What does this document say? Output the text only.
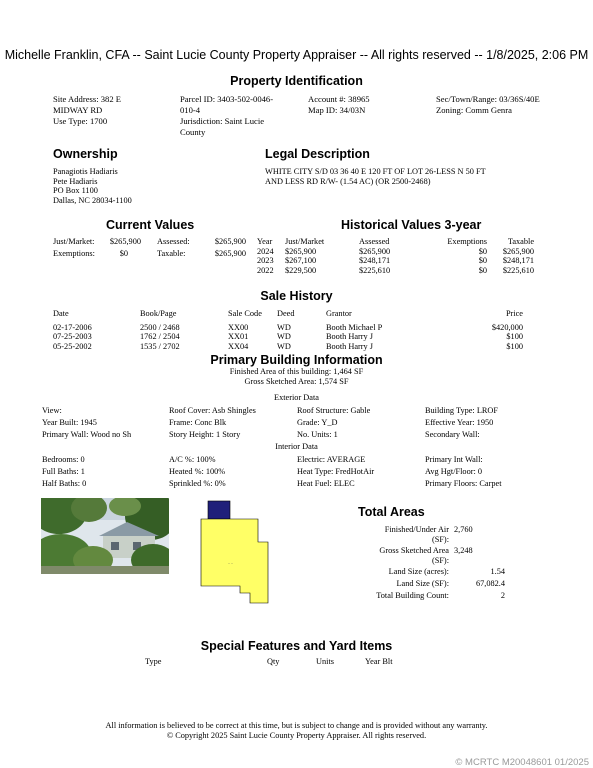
Michelle Franklin, CFA -- Saint Lucie County Property Appraiser -- All rights reserved -- 1/8/2025, 2:06 PM
Property Identification
Site Address: 382 E
MIDWAY RD
Use Type: 1700
Parcel ID: 3403-502-0046-
010-4
Jurisdiction: Saint Lucie
County
Account #: 38965
Map ID: 34/03N
Sec/Town/Range: 03/36S/40E
Zoning: Comm Genra
Ownership
Panagiotis Hadiaris
Pete Hadiaris
PO Box 1100
Dallas, NC 28034-1100
Legal Description
WHITE CITY S/D 03 36 40 E 120 FT OF LOT 26-LESS N 50 FT
AND LESS RD R/W- (1.54 AC) (OR 2500-2468)
Current Values
Just/Market: $265,900 Assessed:	$265,900
Exemptions:	$0	Taxable:	$265,900
Historical Values 3-year
Year	Just/Market	Assessed	Exemptions	Taxable
2024	$265,900	$265,900	$0	$265,900
2023	$267,100	$248,171	$0	$248,171
2022	$229,500	$225,610	$0	$225,610
Sale History
Date	Book/Page	Sale Code	Deed	Grantor	Price

02-17-2006	2500 / 2468	XX00	WD	Booth Michael P	$420,000
07-25-2003	1762 / 2504	XX01	WD	Booth Harry J	$100
05-25-2002	1535 / 2702	XX04	WD	Booth Harry J	$100
Primary Building Information
Finished Area of this building: 1,464 SF
Gross Sketched Area: 1,574 SF
Exterior Data
View:	Roof Cover: Asb Shingles	Roof Structure: Gable	Building Type: LROF
Year Built: 1945	Frame: Conc Blk	Grade: Y_D	Effective Year: 1950
Primary Wall: Wood no Sh	Story Height: 1 Story	No. Units: 1	Secondary Wall:
Interior Data
Bedrooms: 0	A/C %: 100%	Electric: AVERAGE	Primary Int Wall:
Full Baths: 1	Heated %: 100%	Heat Type: FredHotAir	Avg Hgt/Floor: 0
Half Baths: 0	Sprinkled %: 0%	Heat Fuel: ELEC	Primary Floors: Carpet
-- --
Total Areas
Finished/Under Air
(SF):
2,760
Gross Sketched Area
(SF):
3,248
Land Size (acres):	1.54
Land Size (SF):	67,082.4
Total Building Count:	2
Special Features and Yard Items
Type	Qty	Units	Year Blt
All information is believed to be correct at this time, but is subject to change and is provided without any warranty.
© Copyright 2025 Saint Lucie County Property Appraiser. All rights reserved.
© MCRTC M20048601 01/2025
